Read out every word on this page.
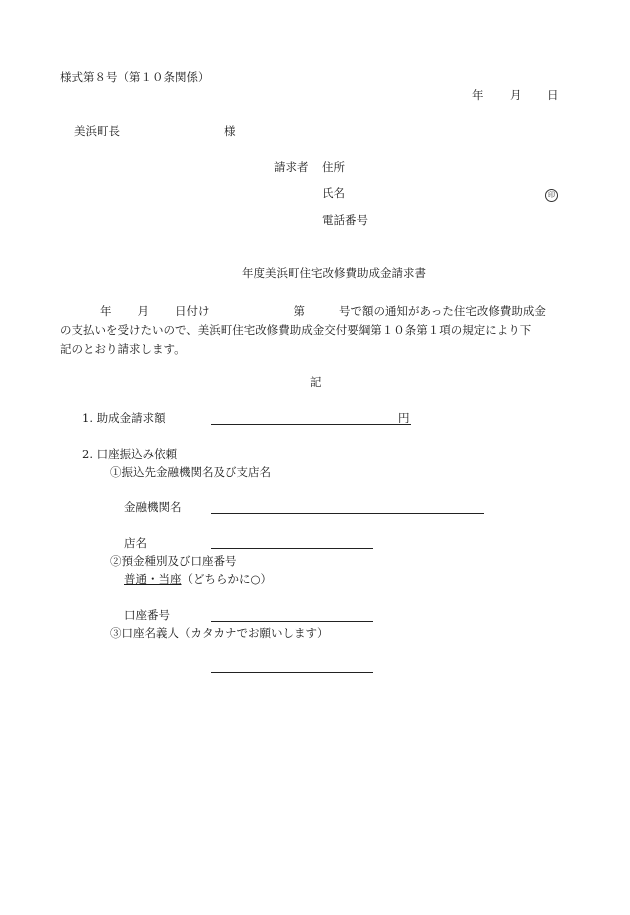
様式第８号（第１０条関係）
年 月 日
美浜町長	様
請求者 住所
氏名	印
電話番号
年度美浜町住宅改修費助成金請求書
年 月 日付け	第	号で額の通知があった住宅改修費助成金
の支払いを受けたいので、美浜町住宅改修費助成金交付要綱第１０条第１項の規定により下
記のとおり請求します。
記
1. 助成金請求額	円
2. 口座振込み依頼
①振込先金融機関名及び支店名
金融機関名
店名
②預金種別及び口座番号
普通・当座（どちらかに○）
口座番号
③口座名義人（カタカナでお願いします）
